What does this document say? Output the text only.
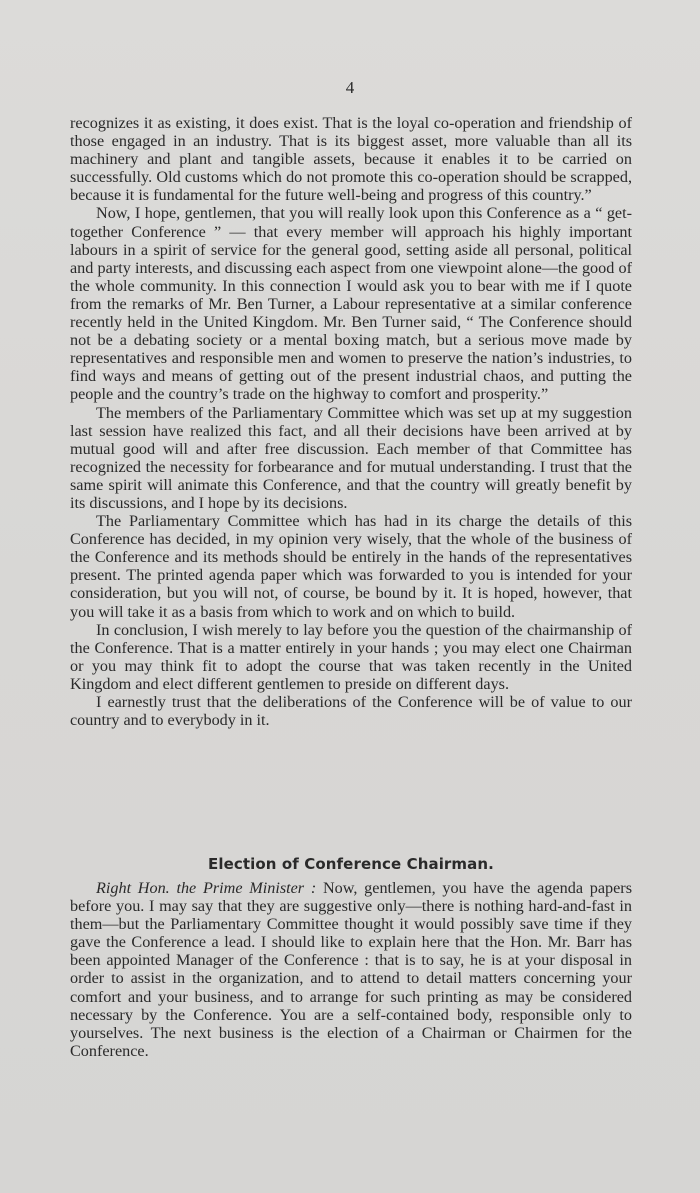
4

recognizes it as existing, it does exist. That is the loyal co-operation and friendship of those engaged in an industry. That is its biggest asset, more valuable than all its machinery and plant and tangible assets, because it enables it to be carried on successfully. Old customs which do not promote this co-operation should be scrapped, because it is fundamental for the future well-being and progress of this country.”

Now, I hope, gentlemen, that you will really look upon this Conference as a “ get-together Conference ” — that every member will approach his highly important labours in a spirit of service for the general good, setting aside all personal, political and party interests, and discussing each aspect from one viewpoint alone—the good of the whole community. In this connection I would ask you to bear with me if I quote from the remarks of Mr. Ben Turner, a Labour representative at a similar conference recently held in the United Kingdom. Mr. Ben Turner said, “ The Conference should not be a debating society or a mental boxing match, but a serious move made by representatives and responsible men and women to preserve the nation’s industries, to find ways and means of getting out of the present industrial chaos, and putting the people and the country’s trade on the highway to comfort and prosperity.”

The members of the Parliamentary Committee which was set up at my suggestion last session have realized this fact, and all their decisions have been arrived at by mutual good will and after free discussion. Each member of that Committee has recognized the necessity for forbearance and for mutual understanding. I trust that the same spirit will animate this Conference, and that the country will greatly benefit by its discussions, and I hope by its decisions.

The Parliamentary Committee which has had in its charge the details of this Conference has decided, in my opinion very wisely, that the whole of the business of the Conference and its methods should be entirely in the hands of the representatives present. The printed agenda paper which was forwarded to you is intended for your consideration, but you will not, of course, be bound by it. It is hoped, however, that you will take it as a basis from which to work and on which to build.

In conclusion, I wish merely to lay before you the question of the chairmanship of the Conference. That is a matter entirely in your hands ; you may elect one Chairman or you may think fit to adopt the course that was taken recently in the United Kingdom and elect different gentlemen to preside on different days.

I earnestly trust that the deliberations of the Conference will be of value to our country and to everybody in it.

Election of Conference Chairman.

Right Hon. the Prime Minister : Now, gentlemen, you have the agenda papers before you. I may say that they are suggestive only—there is nothing hard-and-fast in them—but the Parliamentary Committee thought it would possibly save time if they gave the Conference a lead. I should like to explain here that the Hon. Mr. Barr has been appointed Manager of the Conference : that is to say, he is at your disposal in order to assist in the organization, and to attend to detail matters concerning your comfort and your business, and to arrange for such printing as may be considered necessary by the Conference. You are a self-contained body, responsible only to yourselves. The next business is the election of a Chairman or Chairmen for the Conference.
